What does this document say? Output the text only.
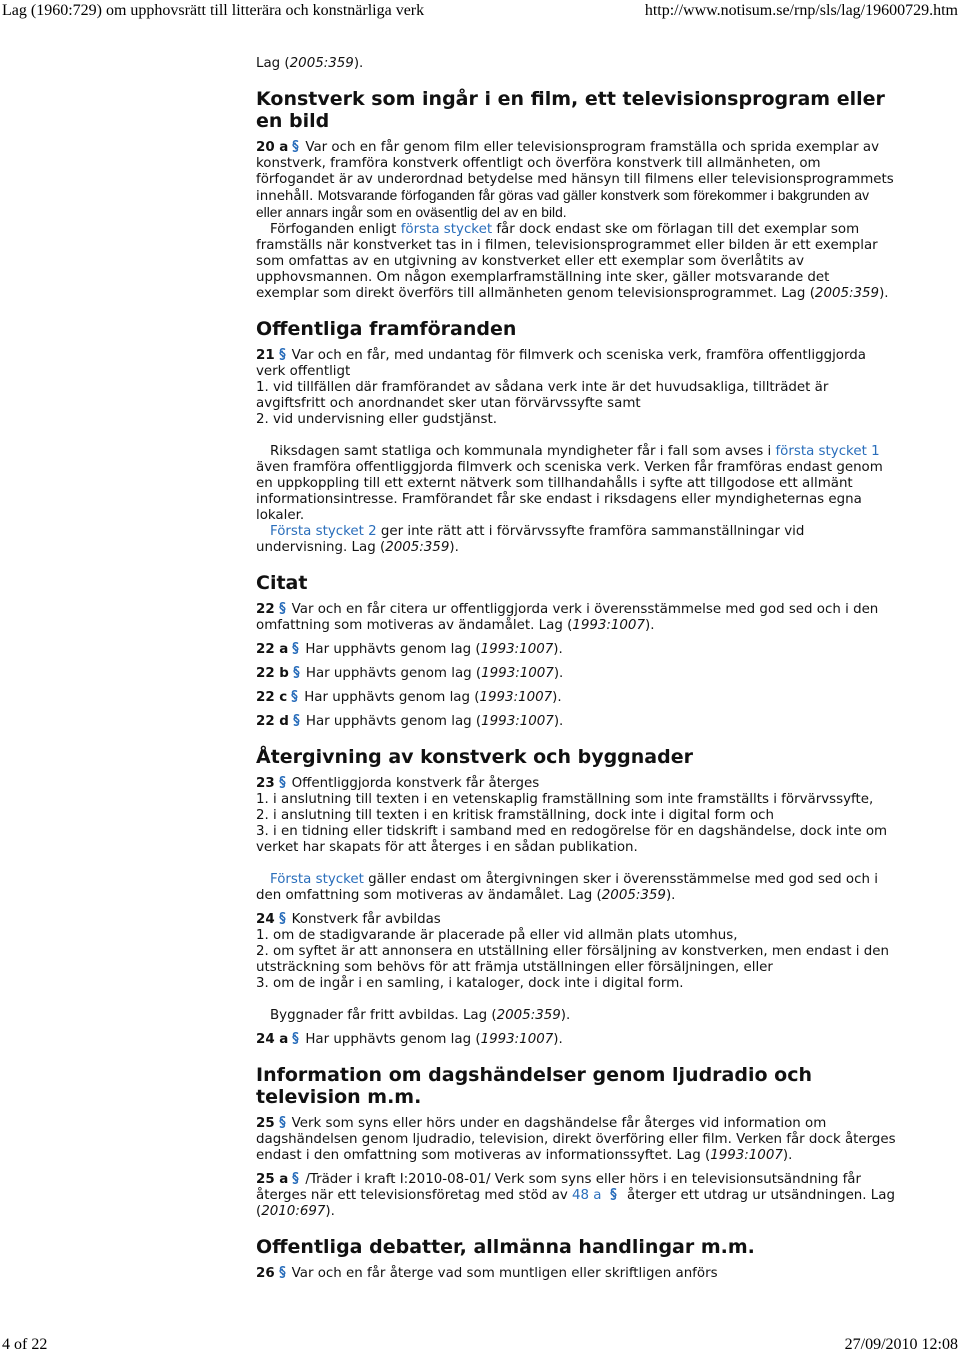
Lag (1960:729) om upphovsrätt till litterära och konstnärliga verk	http://www.notisum.se/rnp/sls/lag/19600729.htm

Lag (2005:359).

Konstverk som ingår i en film, ett televisionsprogram eller en bild

20 a Var och en får genom film eller televisionsprogram framställa och sprida exemplar av konstverk, framföra konstverk offentligt och överföra konstverk till allmänheten, om förfogandet är av underordnad betydelse med hänsyn till filmens eller televisionsprogrammets innehåll. Motsvarande förfoganden får göras vad gäller konstverk som förekommer i bakgrunden av eller annars ingår som en oväsentlig del av en bild.

Förfoganden enligt första stycket får dock endast ske om förlagan till det exemplar som framställs när konstverket tas in i filmen, televisionsprogrammet eller bilden är ett exemplar som omfattas av en utgivning av konstverket eller ett exemplar som överlåtits av upphovsmannen. Om någon exemplarframställning inte sker, gäller motsvarande det exemplar som direkt överförs till allmänheten genom televisionsprogrammet. Lag (2005:359).

Offentliga framföranden

21 Var och en får, med undantag för filmverk och sceniska verk, framföra offentliggjorda verk offentligt

1. vid tillfällen där framförandet av sådana verk inte är det huvudsakliga, tillträdet är avgiftsfritt och anordnandet sker utan förvärvssyfte samt

2. vid undervisning eller gudstjänst.

Riksdagen samt statliga och kommunala myndigheter får i fall som avses i första stycket 1 även framföra offentliggjorda filmverk och sceniska verk. Verken får framföras endast genom en uppkoppling till ett externt nätverk som tillhandahålls i syfte att tillgodose ett allmänt informationsintresse. Framförandet får ske endast i riksdagens eller myndigheternas egna lokaler.

Första stycket 2 ger inte rätt att i förvärvssyfte framföra sammanställningar vid undervisning. Lag (2005:359).

Citat

22 Var och en får citera ur offentliggjorda verk i överensstämmelse med god sed och i den omfattning som motiveras av ändamålet. Lag (1993:1007).

22 a Har upphävts genom lag (1993:1007).

22 b Har upphävts genom lag (1993:1007).

22 c Har upphävts genom lag (1993:1007).

22 d Har upphävts genom lag (1993:1007).

Återgivning av konstverk och byggnader

23 Offentliggjorda konstverk får återges

1. i anslutning till texten i en vetenskaplig framställning som inte framställts i förvärvssyfte,

2. i anslutning till texten i en kritisk framställning, dock inte i digital form och

3. i en tidning eller tidskrift i samband med en redogörelse för en dagshändelse, dock inte om verket har skapats för att återges i en sådan publikation.

Första stycket gäller endast om återgivningen sker i överensstämmelse med god sed och i den omfattning som motiveras av ändamålet. Lag (2005:359).

24 Konstverk får avbildas

1. om de stadigvarande är placerade på eller vid allmän plats utomhus,

2. om syftet är att annonsera en utställning eller försäljning av konstverken, men endast i den utsträckning som behövs för att främja utställningen eller försäljningen, eller

3. om de ingår i en samling, i kataloger, dock inte i digital form.

Byggnader får fritt avbildas. Lag (2005:359).

24 a Har upphävts genom lag (1993:1007).

Information om dagshändelser genom ljudradio och television m.m.

25 Verk som syns eller hörs under en dagshändelse får återges vid information om dagshändelsen genom ljudradio, television, direkt överföring eller film. Verken får dock återges endast i den omfattning som motiveras av informationssyftet. Lag (1993:1007).

25 a /Träder i kraft I:2010-08-01/ Verk som syns eller hörs i en televisionsutsändning får återges när ett televisionsföretag med stöd av 48 a  återger ett utdrag ur utsändningen. Lag (2010:697).

Offentliga debatter, allmänna handlingar m.m.

26 Var och en får återge vad som muntligen eller skriftligen anförs

4 of 22	27/09/2010 12:08
